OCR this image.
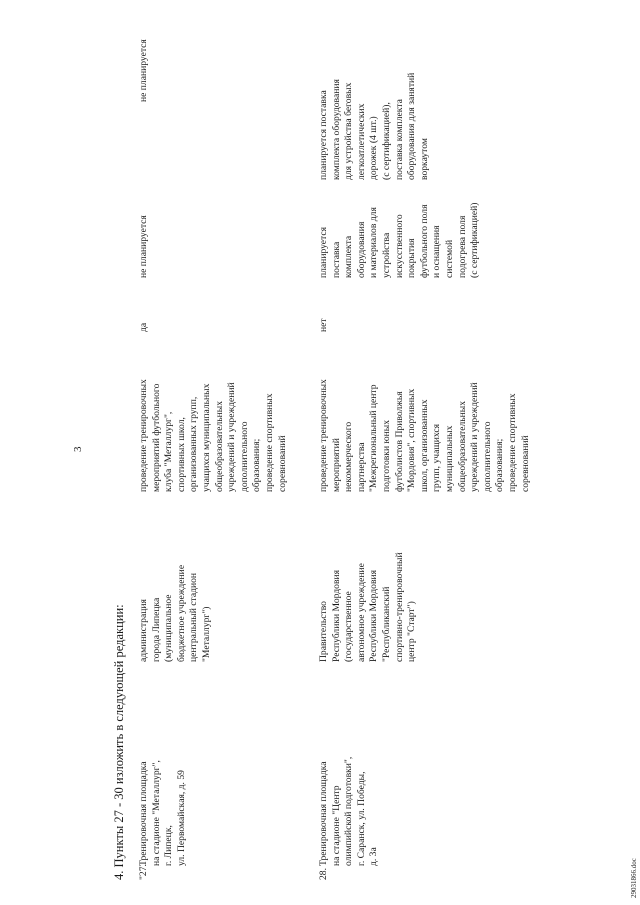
3
29031866.doc
4. Пункты 27 - 30 изложить в следующей редакции: "27.
Тренировочная площадка
на стадионе "Металлург",
г. Липецк,
ул. Первомайская, д. 59
администрация
города Липецка
(муниципальное
бюджетное учреждение
центральный стадион
"Металлург")
проведение тренировочных
мероприятий футбольного
клуба "Металлург",
спортивных школ,
организованных групп,
учащихся муниципальных
общеобразовательных
учреждений и учреждений
дополнительного
образования;
проведение спортивных
соревнований
да
не планируется
не планируется
28.
Тренировочная площадка
на стадионе "Центр
олимпийской подготовки",
г. Саранск, ул. Победы,
д. 3а
Правительство
Республики Мордовия
(государственное
автономное учреждение
Республики Мордовия
"Республиканский
спортивно-тренировочный
центр "Старт")
проведение тренировочных
мероприятий
некоммерческого
партнерства
"Межрегиональный центр
подготовки юных
футболистов Приволжья
"Мордовия", спортивных
школ, организованных
групп, учащихся
муниципальных
общеобразовательных
учреждений и учреждений
дополнительного
образования;
проведение спортивных
соревнований
нет
планируется
поставка
комплекта
оборудования
и материалов для
устройства
искусственного
покрытия
футбольного поля
и оснащения
системой
подогрева поля
(с сертификацией)
планируется поставка
комплекта оборудования
для устройства беговых
легкоатлетических
дорожек (4 шт.)
(с сертификацией),
поставка комплекта
оборудования для занятий
воркаутом
